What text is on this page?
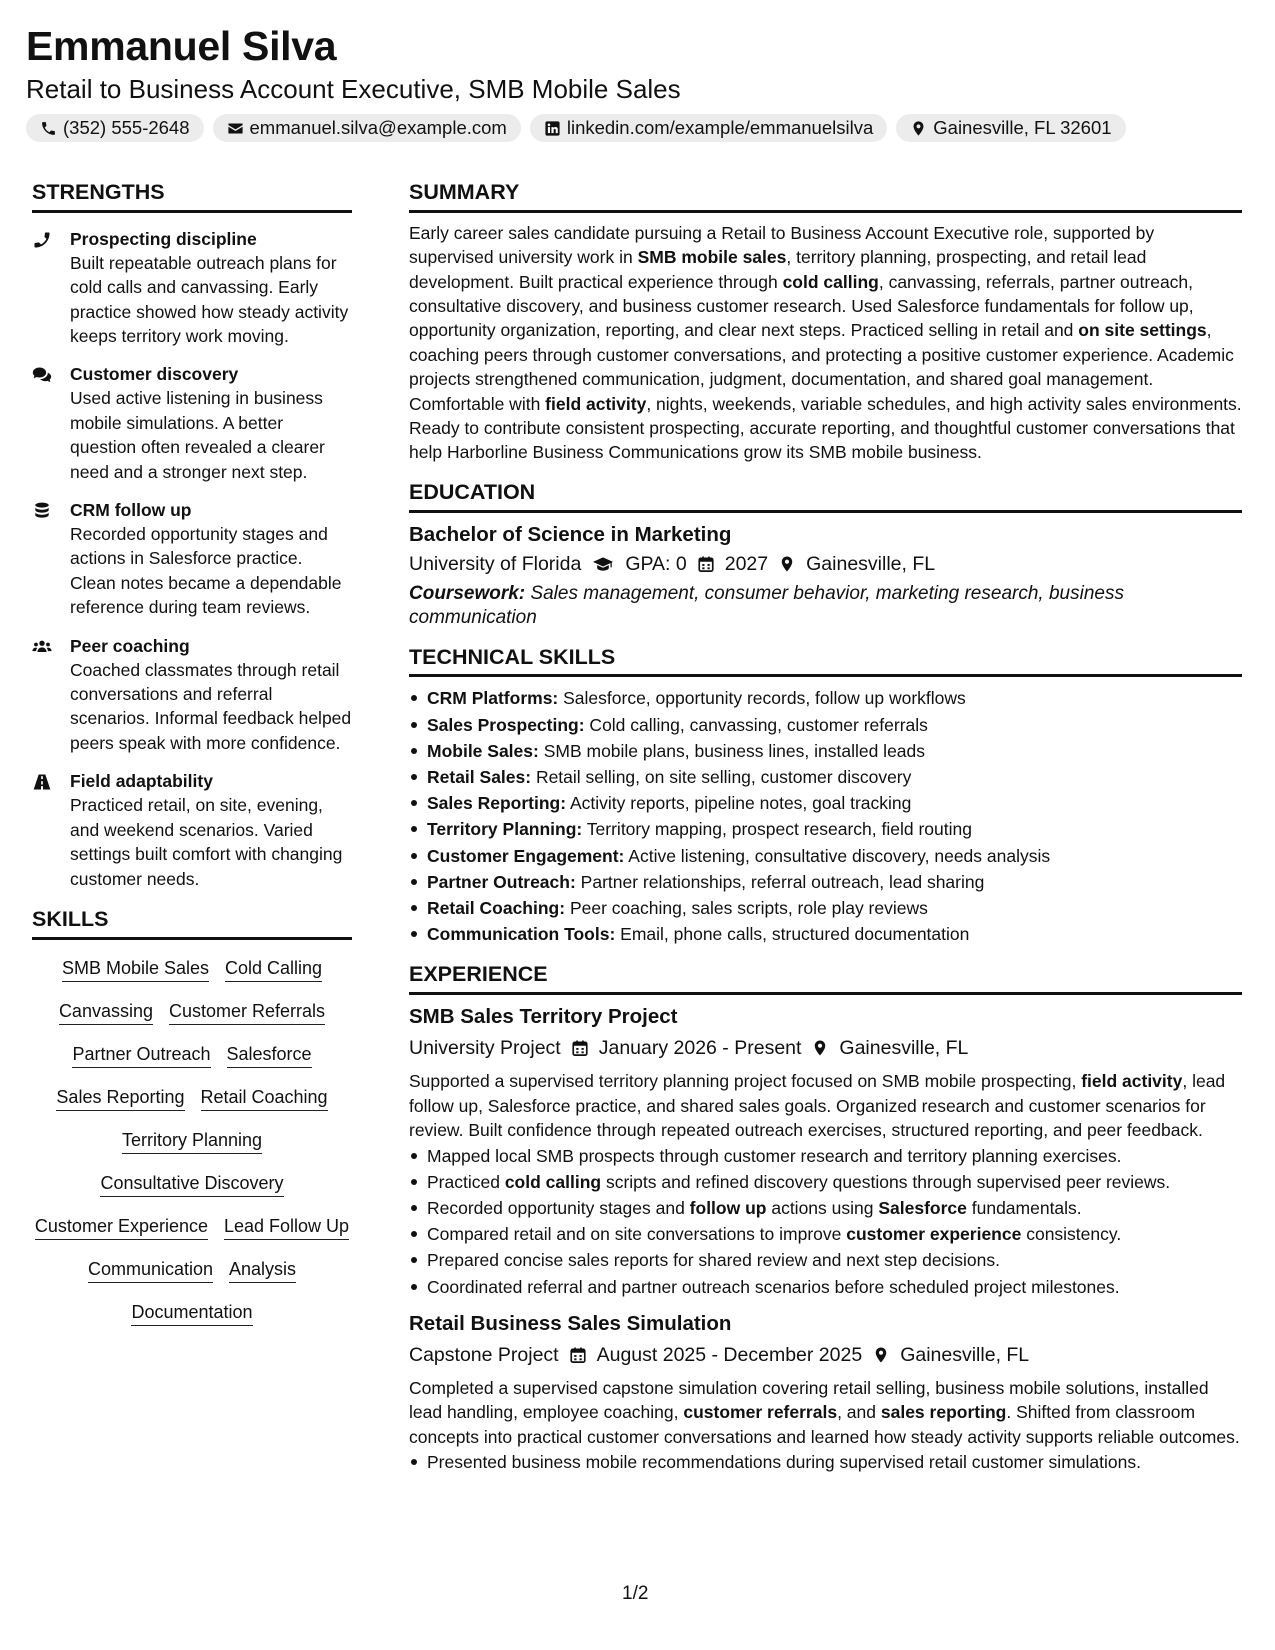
Emmanuel Silva
Retail to Business Account Executive, SMB Mobile Sales
(352) 555-2648	emmanuel.silva@example.com	linkedin.com/example/emmanuelsilva	Gainesville, FL 32601
STRENGTHS
Prospecting discipline
Built repeatable outreach plans for cold calls and canvassing. Early practice showed how steady activity keeps territory work moving.
Customer discovery
Used active listening in business mobile simulations. A better question often revealed a clearer need and a stronger next step.
CRM follow up
Recorded opportunity stages and actions in Salesforce practice. Clean notes became a dependable reference during team reviews.
Peer coaching
Coached classmates through retail conversations and referral scenarios. Informal feedback helped peers speak with more confidence.
Field adaptability
Practiced retail, on site, evening, and weekend scenarios. Varied settings built comfort with changing customer needs.
SKILLS
SMB Mobile Sales Cold Calling
Canvassing Customer Referrals
Partner Outreach Salesforce
Sales Reporting Retail Coaching
Territory Planning
Consultative Discovery
Customer Experience Lead Follow Up
Communication Analysis
Documentation
SUMMARY
Early career sales candidate pursuing a Retail to Business Account Executive role, supported by supervised university work in SMB mobile sales, territory planning, prospecting, and retail lead development. Built practical experience through cold calling, canvassing, referrals, partner outreach, consultative discovery, and business customer research. Used Salesforce fundamentals for follow up, opportunity organization, reporting, and clear next steps. Practiced selling in retail and on site settings, coaching peers through customer conversations, and protecting a positive customer experience. Academic projects strengthened communication, judgment, documentation, and shared goal management. Comfortable with field activity, nights, weekends, variable schedules, and high activity sales environments. Ready to contribute consistent prospecting, accurate reporting, and thoughtful customer conversations that help Harborline Business Communications grow its SMB mobile business.
EDUCATION
Bachelor of Science in Marketing
University of Florida GPA: 0 2027 Gainesville, FL
Coursework: Sales management, consumer behavior, marketing research, business communication
TECHNICAL SKILLS
CRM Platforms: Salesforce, opportunity records, follow up workflows
Sales Prospecting: Cold calling, canvassing, customer referrals
Mobile Sales: SMB mobile plans, business lines, installed leads
Retail Sales: Retail selling, on site selling, customer discovery
Sales Reporting: Activity reports, pipeline notes, goal tracking
Territory Planning: Territory mapping, prospect research, field routing
Customer Engagement: Active listening, consultative discovery, needs analysis
Partner Outreach: Partner relationships, referral outreach, lead sharing
Retail Coaching: Peer coaching, sales scripts, role play reviews
Communication Tools: Email, phone calls, structured documentation
EXPERIENCE
SMB Sales Territory Project
University Project January 2026 - Present Gainesville, FL
Supported a supervised territory planning project focused on SMB mobile prospecting, field activity, lead follow up, Salesforce practice, and shared sales goals. Organized research and customer scenarios for review. Built confidence through repeated outreach exercises, structured reporting, and peer feedback.
Mapped local SMB prospects through customer research and territory planning exercises.
Practiced cold calling scripts and refined discovery questions through supervised peer reviews.
Recorded opportunity stages and follow up actions using Salesforce fundamentals.
Compared retail and on site conversations to improve customer experience consistency.
Prepared concise sales reports for shared review and next step decisions.
Coordinated referral and partner outreach scenarios before scheduled project milestones.
Retail Business Sales Simulation
Capstone Project August 2025 - December 2025 Gainesville, FL
Completed a supervised capstone simulation covering retail selling, business mobile solutions, installed lead handling, employee coaching, customer referrals, and sales reporting. Shifted from classroom concepts into practical customer conversations and learned how steady activity supports reliable outcomes.
Presented business mobile recommendations during supervised retail customer simulations.
1/2
